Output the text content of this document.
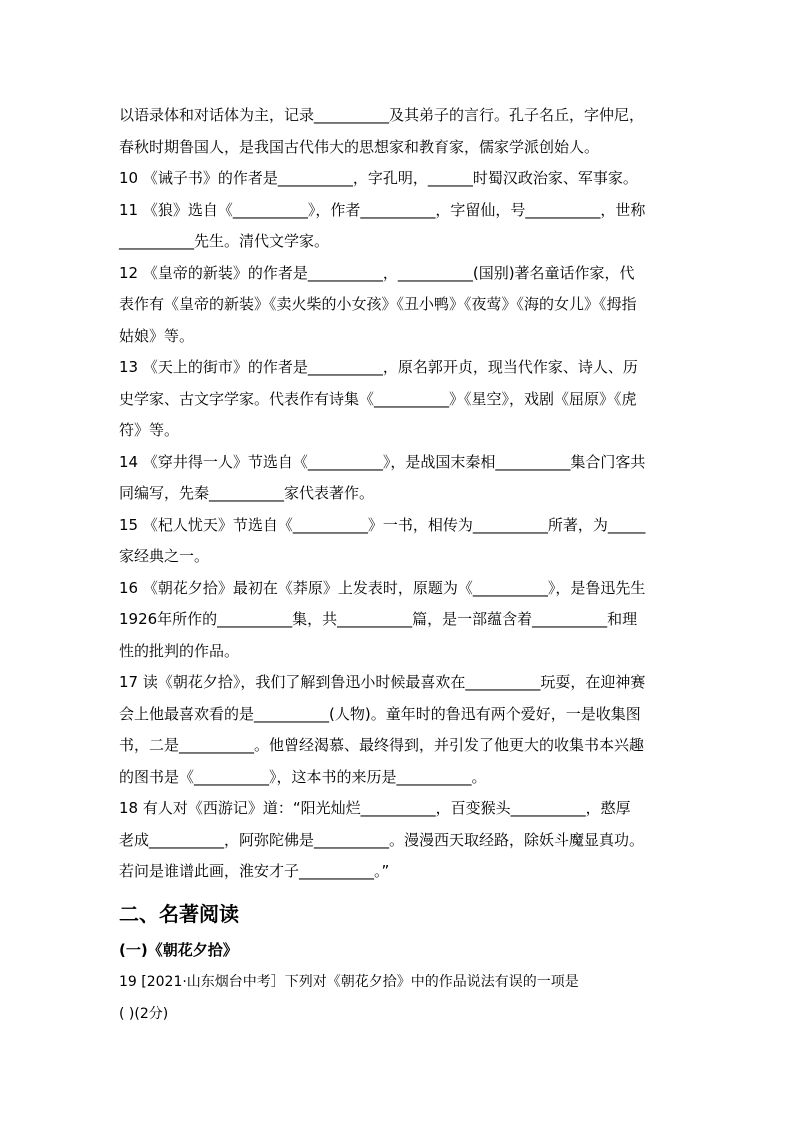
以语录体和对话体为主，记录__________及其弟子的言行。孔子名丘，字仲尼，

春秋时期鲁国人，是我国古代伟大的思想家和教育家，儒家学派创始人。

10 《诫子书》的作者是__________，字孔明，______时蜀汉政治家、军事家。

11 《狼》选自《__________》，作者__________，字留仙，号__________，世称

__________先生。清代文学家。

12 《皇帝的新装》的作者是__________，__________(国别)著名童话作家，代

表作有《皇帝的新装》《卖火柴的小女孩》《丑小鸭》《夜莺》《海的女儿》《拇指

姑娘》等。

13 《天上的街市》的作者是__________，原名郭开贞，现当代作家、诗人、历

史学家、古文字学家。代表作有诗集《__________》《星空》，戏剧《屈原》《虎

符》等。

14 《穿井得一人》节选自《__________》，是战国末秦相__________集合门客共

同编写，先秦__________家代表著作。

15 《杞人忧天》节选自《__________》一书，相传为__________所著，为_____

家经典之一。

16 《朝花夕拾》最初在《莽原》上发表时，原题为《__________》，是鲁迅先生

1926年所作的__________集，共__________篇，是一部蕴含着__________和理

性的批判的作品。

17 读《朝花夕拾》，我们了解到鲁迅小时候最喜欢在__________玩耍，在迎神赛

会上他最喜欢看的是__________(人物)。童年时的鲁迅有两个爱好，一是收集图

书，二是__________。他曾经渴慕、最终得到，并引发了他更大的收集书本兴趣

的图书是《__________》，这本书的来历是__________。

18 有人对《西游记》道：“阳光灿烂__________，百变猴头__________，憨厚

老成__________，阿弥陀佛是__________。漫漫西天取经路，除妖斗魔显真功。

若问是谁谱此画，淮安才子__________。”

二、名著阅读
(一)《朝花夕拾》
19 [2021·山东烟台中考］下列对《朝花夕拾》中的作品说法有误的一项是
( )(2分)
